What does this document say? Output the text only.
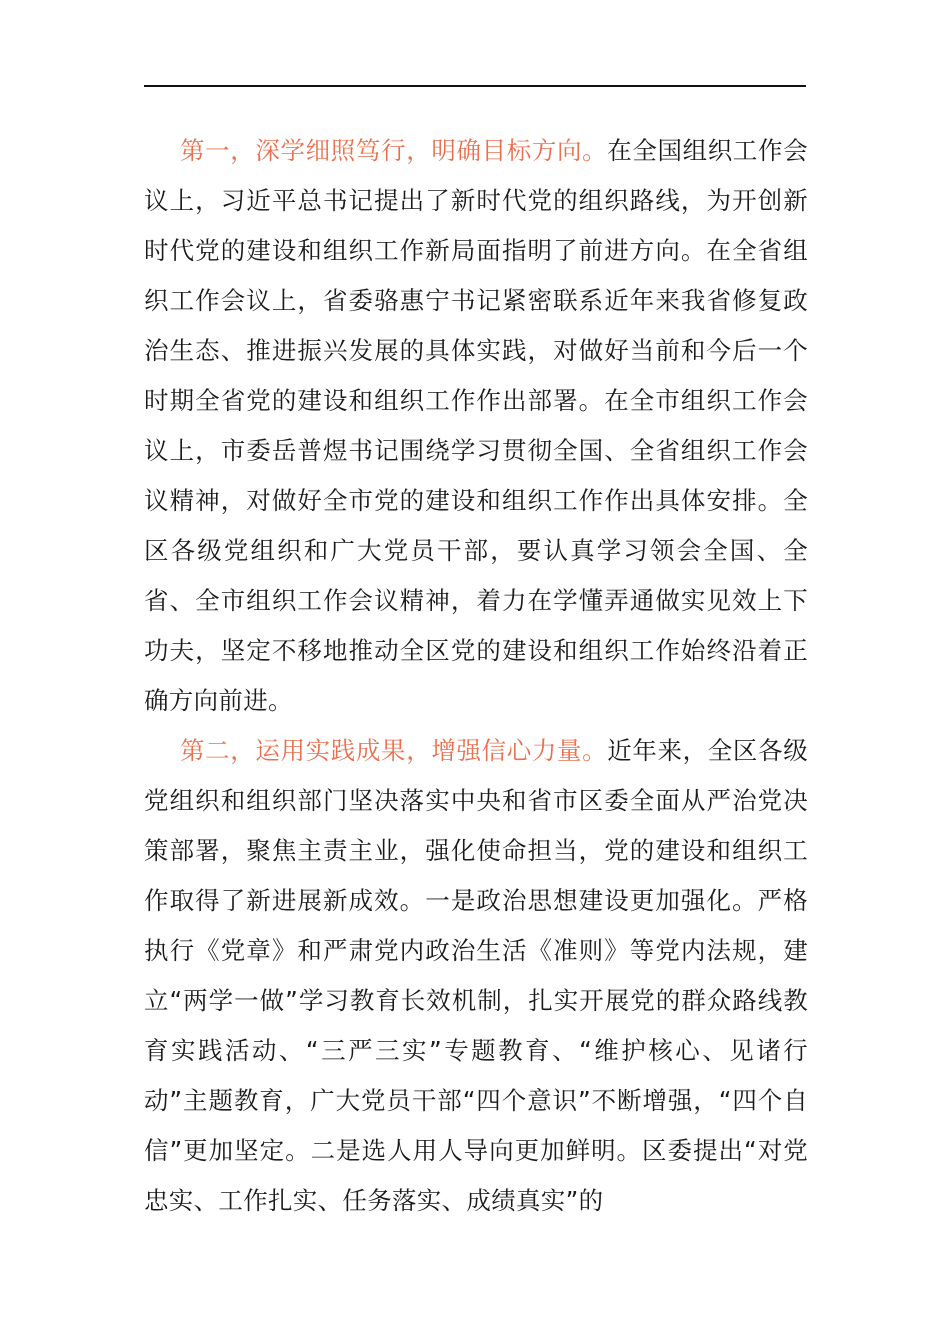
第一，深学细照笃行，明确目标方向。在全国组织工作会议上，习近平总书记提出了新时代党的组织路线，为开创新时代党的建设和组织工作新局面指明了前进方向。在全省组织工作会议上，省委骆惠宁书记紧密联系近年来我省修复政治生态、推进振兴发展的具体实践，对做好当前和今后一个时期全省党的建设和组织工作作出部署。在全市组织工作会议上，市委岳普煜书记围绕学习贯彻全国、全省组织工作会议精神，对做好全市党的建设和组织工作作出具体安排。全区各级党组织和广大党员干部，要认真学习领会全国、全省、全市组织工作会议精神，着力在学懂弄通做实见效上下功夫，坚定不移地推动全区党的建设和组织工作始终沿着正确方向前进。

第二，运用实践成果，增强信心力量。近年来，全区各级党组织和组织部门坚决落实中央和省市区委全面从严治党决策部署，聚焦主责主业，强化使命担当，党的建设和组织工作取得了新进展新成效。一是政治思想建设更加强化。严格执行《党章》和严肃党内政治生活《准则》等党内法规，建立“两学一做”学习教育长效机制，扎实开展党的群众路线教育实践活动、“三严三实”专题教育、“维护核心、见诸行动”主题教育，广大党员干部“四个意识”不断增强，“四个自信”更加坚定。二是选人用人导向更加鲜明。区委提出“对党忠实、工作扎实、任务落实、成绩真实”的
